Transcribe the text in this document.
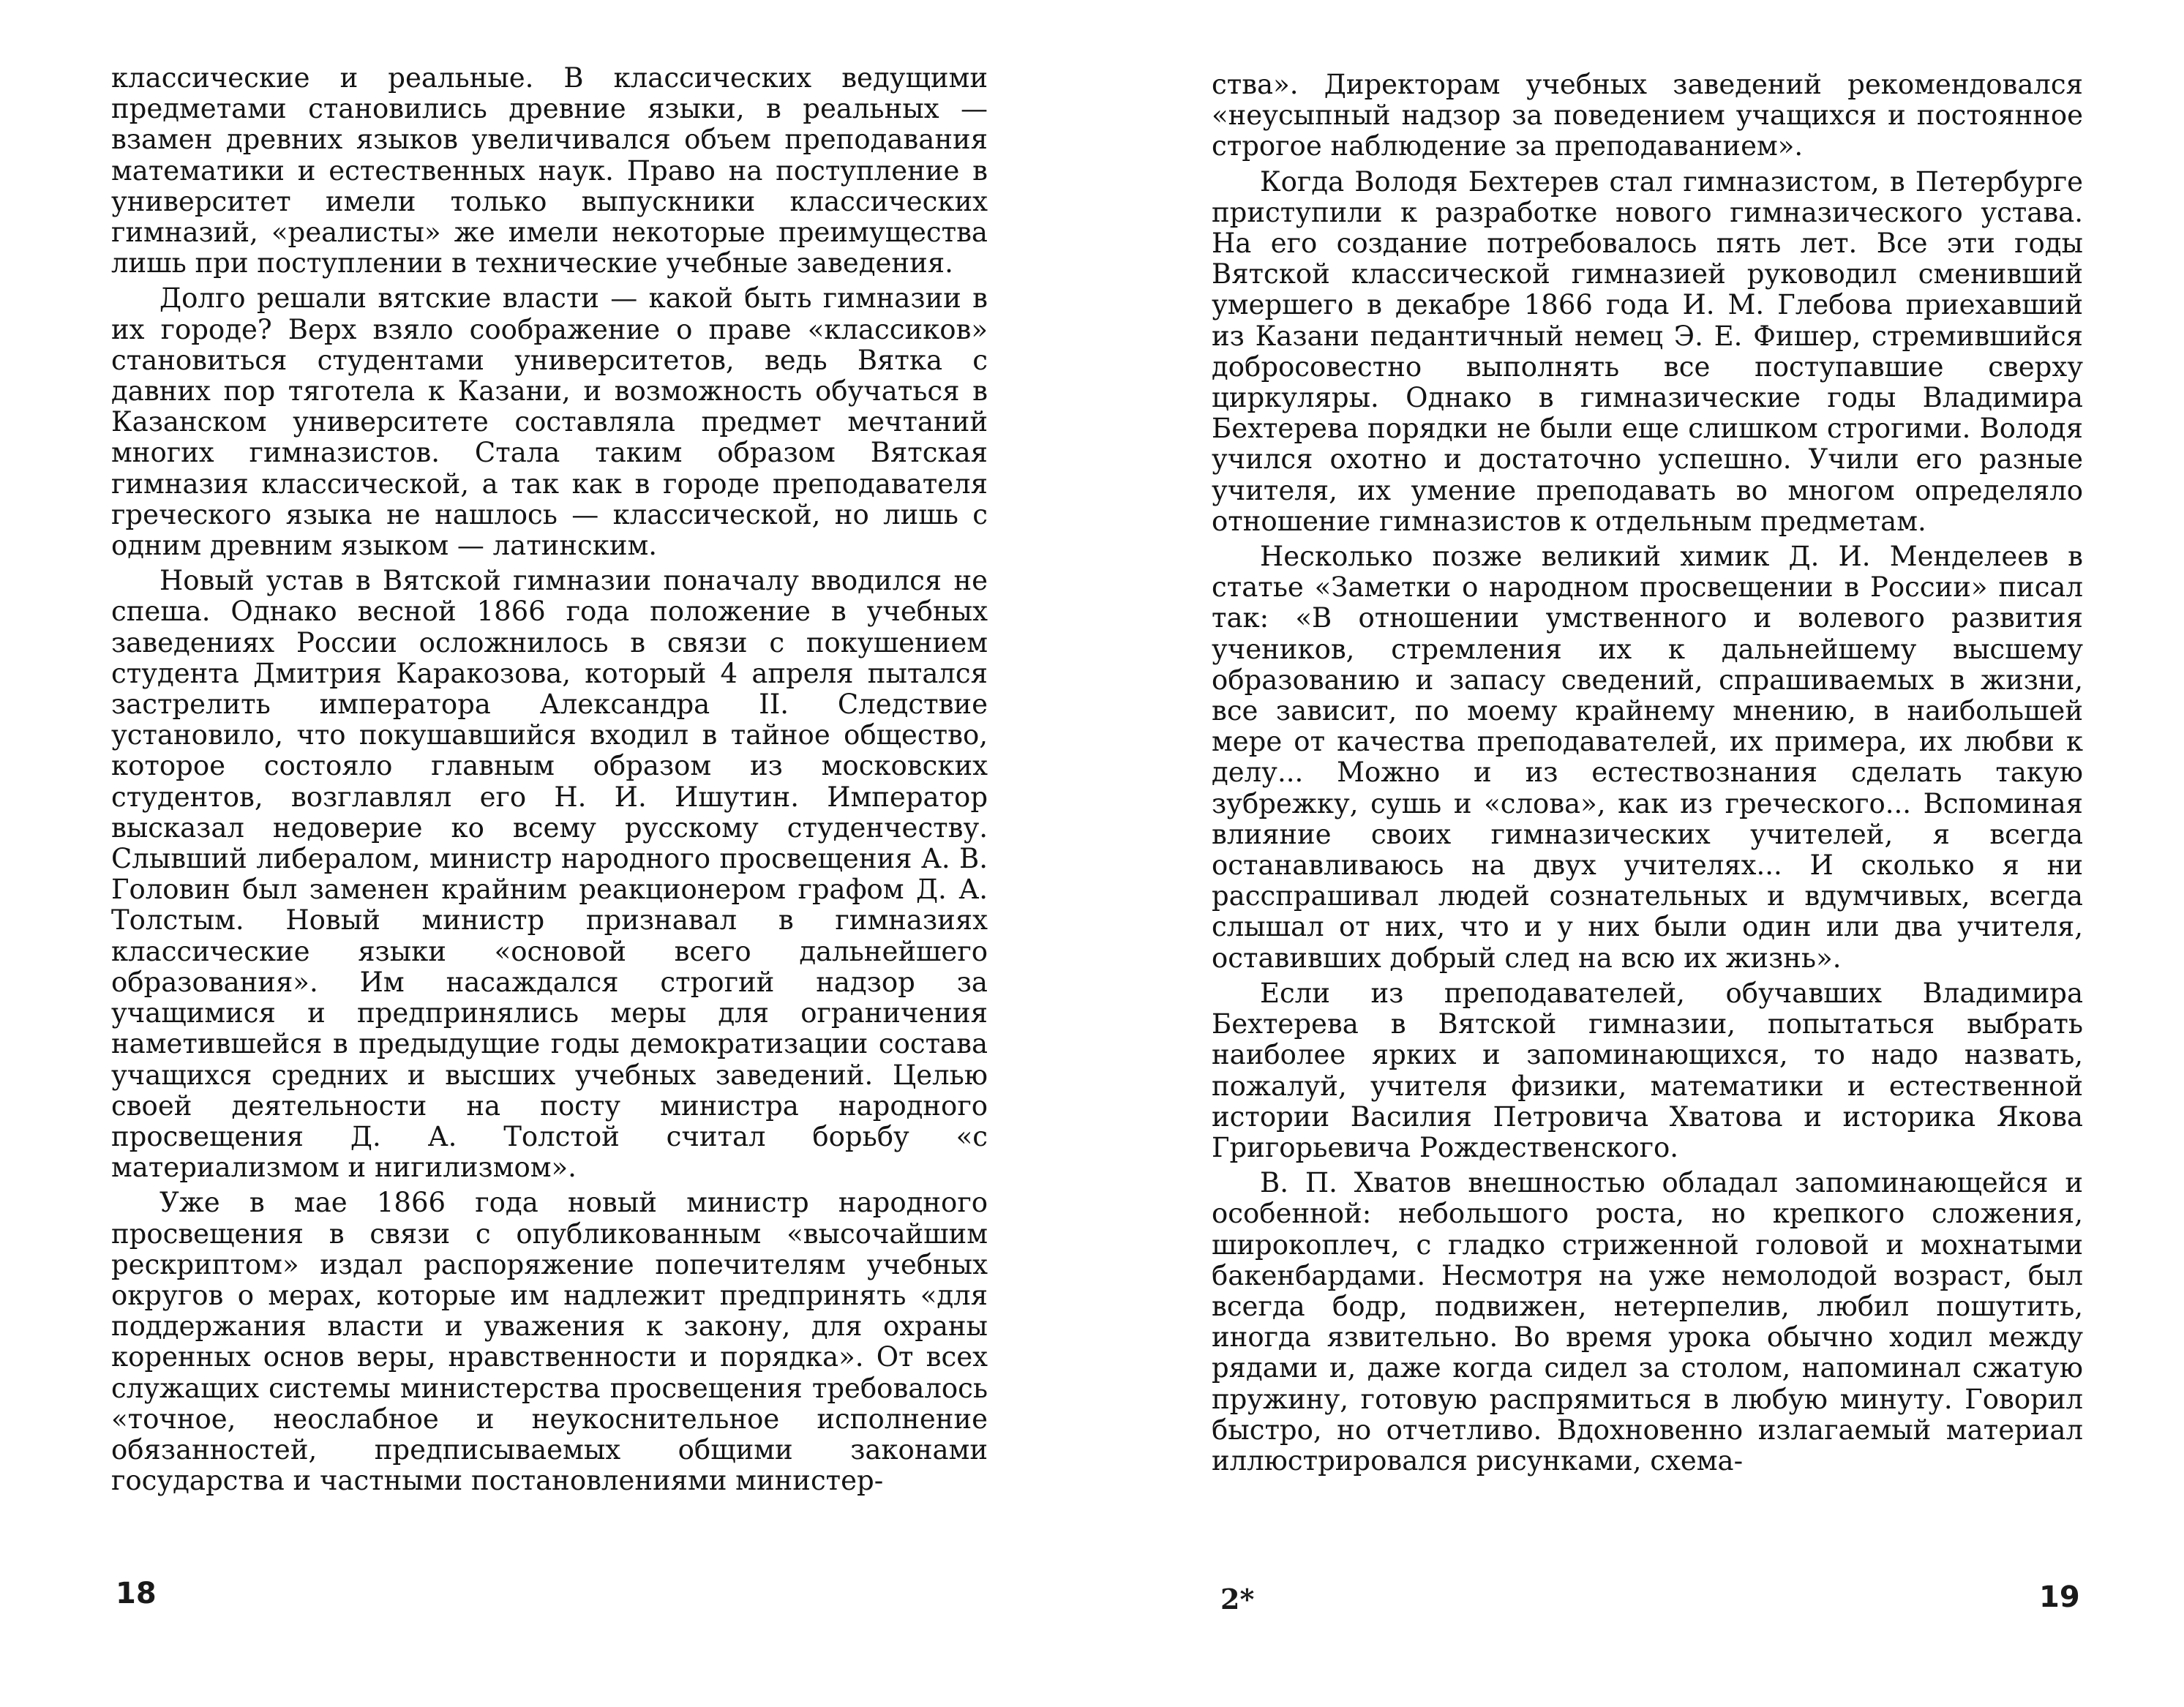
классические и реальные. В классических ведущими предметами становились древние языки, в реальных — взамен древних языков увеличивался объем преподавания математики и естественных наук. Право на поступление в университет имели только выпускники классических гимназий, «реалисты» же имели некоторые преимущества лишь при поступлении в технические учебные заведения.

Долго решали вятские власти — какой быть гимназии в их городе? Верх взяло соображение о праве «классиков» становиться студентами университетов, ведь Вятка с давних пор тяготела к Казани, и возможность обучаться в Казанском университете составляла предмет мечтаний многих гимназистов. Стала таким образом Вятская гимназия классической, а так как в городе преподавателя греческого языка не нашлось — классической, но лишь с одним древним языком — латинским.

Новый устав в Вятской гимназии поначалу вводился не спеша. Однако весной 1866 года положение в учебных заведениях России осложнилось в связи с покушением студента Дмитрия Каракозова, который 4 апреля пытался застрелить императора Александра II. Следствие установило, что покушавшийся входил в тайное общество, которое состояло главным образом из московских студентов, возглавлял его Н. И. Ишутин. Император высказал недоверие ко всему русскому студенчеству. Слывший либералом, министр народного просвещения А. В. Головин был заменен крайним реакционером графом Д. А. Толстым. Новый министр признавал в гимназиях классические языки «основой всего дальнейшего образования». Им насаждался строгий надзор за учащимися и предпринялись меры для ограничения наметившейся в предыдущие годы демократизации состава учащихся средних и высших учебных заведений. Целью своей деятельности на посту министра народного просвещения Д. А. Толстой считал борьбу «с материализмом и нигилизмом».

Уже в мае 1866 года новый министр народного просвещения в связи с опубликованным «высочайшим рескриптом» издал распоряжение попечителям учебных округов о мерах, которые им надлежит предпринять «для поддержания власти и уважения к закону, для охраны коренных основ веры, нравственности и порядка». От всех служащих системы министерства просвещения требовалось «точное, неослабное и неукоснительное исполнение обязанностей, предписываемых общими законами государства и частными постановлениями министер-

18

ства». Директорам учебных заведений рекомендовался «неусыпный надзор за поведением учащихся и постоянное строгое наблюдение за преподаванием».

Когда Володя Бехтерев стал гимназистом, в Петербурге приступили к разработке нового гимназического устава. На его создание потребовалось пять лет. Все эти годы Вятской классической гимназией руководил сменивший умершего в декабре 1866 года И. М. Глебова приехавший из Казани педантичный немец Э. Е. Фишер, стремившийся добросовестно выполнять все поступавшие сверху циркуляры. Однако в гимназические годы Владимира Бехтерева порядки не были еще слишком строгими. Володя учился охотно и достаточно успешно. Учили его разные учителя, их умение преподавать во многом определяло отношение гимназистов к отдельным предметам.

Несколько позже великий химик Д. И. Менделеев в статье «Заметки о народном просвещении в России» писал так: «В отношении умственного и волевого развития учеников, стремления их к дальнейшему высшему образованию и запасу сведений, спрашиваемых в жизни, все зависит, по моему крайнему мнению, в наибольшей мере от качества преподавателей, их примера, их любви к делу... Можно и из естествознания сделать такую зубрежку, сушь и «слова», как из греческого... Вспоминая влияние своих гимназических учителей, я всегда останавливаюсь на двух учителях... И сколько я ни расспрашивал людей сознательных и вдумчивых, всегда слышал от них, что и у них были один или два учителя, оставивших добрый след на всю их жизнь».

Если из преподавателей, обучавших Владимира Бехтерева в Вятской гимназии, попытаться выбрать наиболее ярких и запоминающихся, то надо назвать, пожалуй, учителя физики, математики и естественной истории Василия Петровича Хватова и историка Якова Григорьевича Рождественского.

В. П. Хватов внешностью обладал запоминающейся и особенной: небольшого роста, но крепкого сложения, широкоплеч, с гладко стриженной головой и мохнатыми бакенбардами. Несмотря на уже немолодой возраст, был всегда бодр, подвижен, нетерпелив, любил пошутить, иногда язвительно. Во время урока обычно ходил между рядами и, даже когда сидел за столом, напоминал сжатую пружину, готовую распрямиться в любую минуту. Говорил быстро, но отчетливо. Вдохновенно излагаемый материал иллюстрировался рисунками, схема-

2*	19
